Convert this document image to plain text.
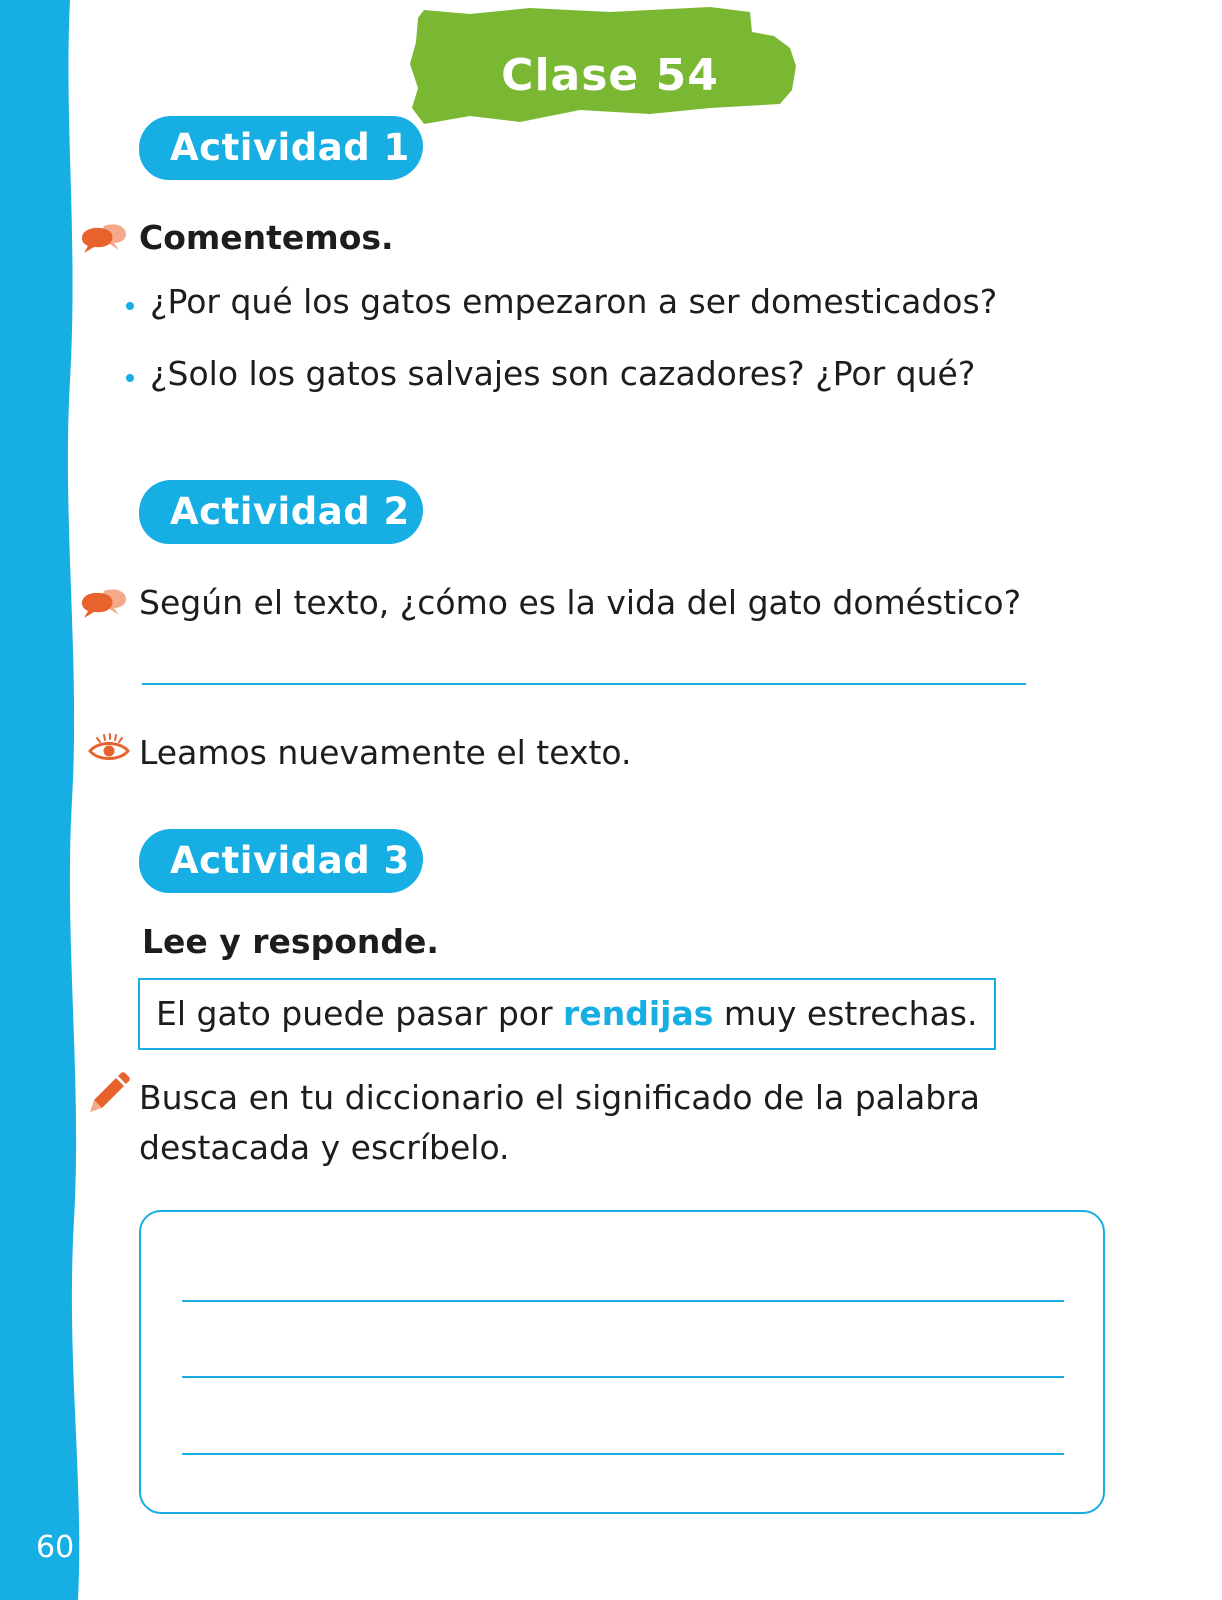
60
Clase 54
Actividad 1
Comentemos.
¿Por qué los gatos empezaron a ser domesticados?
¿Solo los gatos salvajes son cazadores? ¿Por qué?
Actividad 2
Según el texto, ¿cómo es la vida del gato doméstico?
Leamos nuevamente el texto.
Actividad 3
Lee y responde.
El gato puede pasar por rendijas muy estrechas.
Busca en tu diccionario el significado de la palabra
destacada y escríbelo.
